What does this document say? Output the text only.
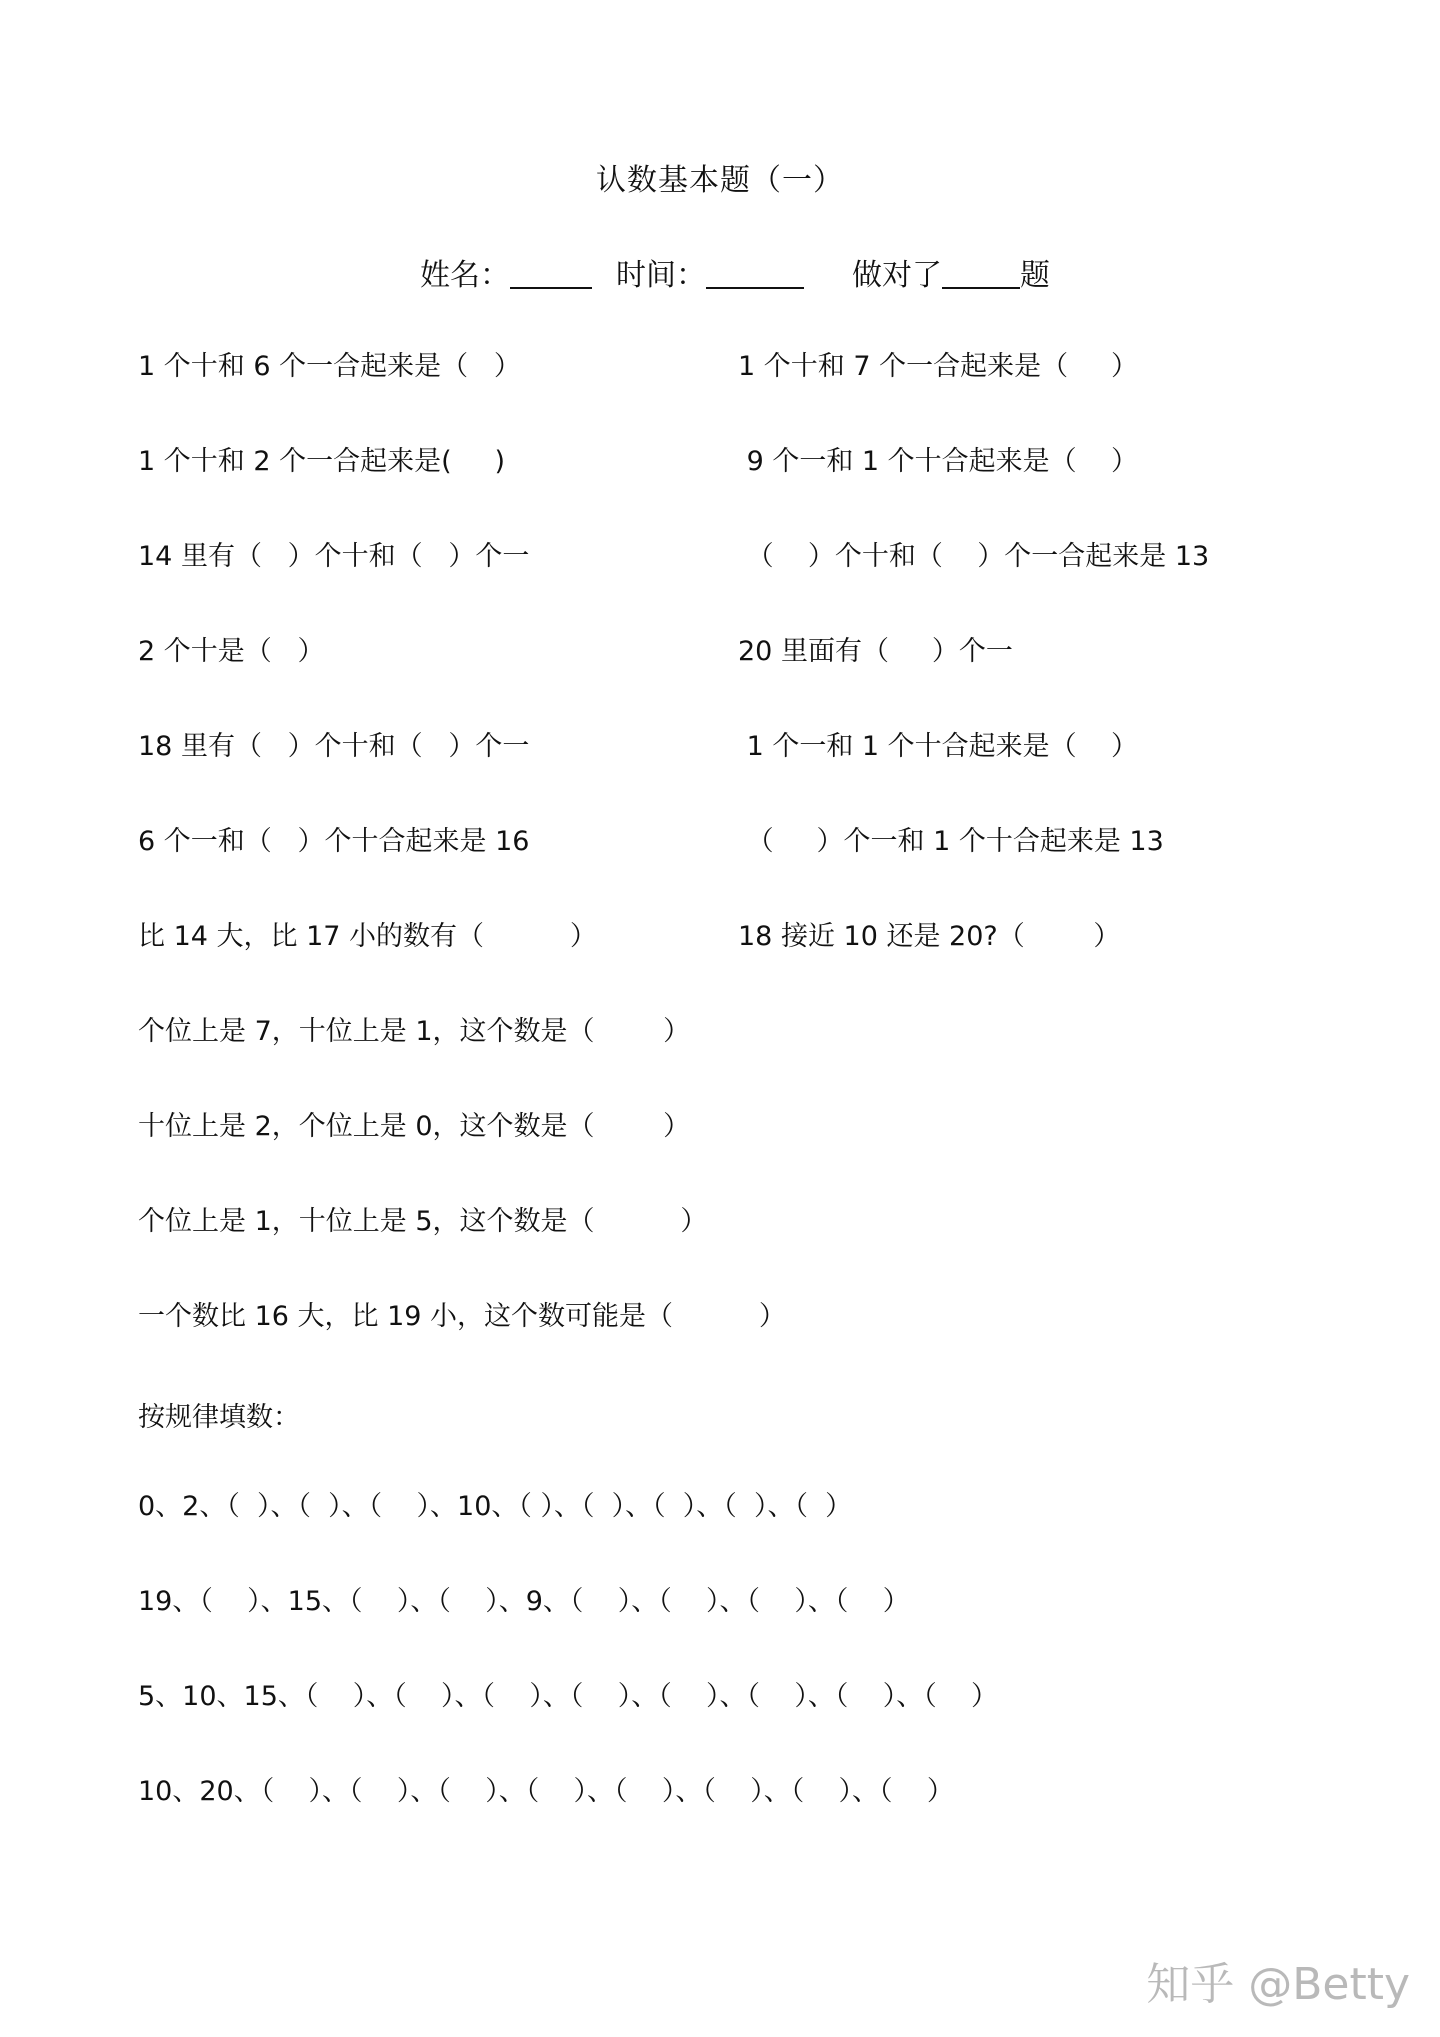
认数基本题（一）
姓名：	时间：	做对了	题
1 个十和 6 个一合起来是（   ）	1 个十和 7 个一合起来是（     ）
1 个十和 2 个一合起来是(     )	9 个一和 1 个十合起来是（    ）
14 里有（   ）个十和（   ）个一	（    ）个十和（    ）个一合起来是 13
2 个十是（   ）	20 里面有（     ）个一
18 里有（   ）个十和（   ）个一	1 个一和 1 个十合起来是（    ）
6 个一和（   ）个十合起来是 16	（     ）个一和 1 个十合起来是 13
比 14 大，比 17 小的数有（          ）	18 接近 10 还是 20?（        ）
个位上是 7，十位上是 1，这个数是（        ）
十位上是 2，个位上是 0，这个数是（        ）
个位上是 1，十位上是 5，这个数是（          ）
一个数比 16 大，比 19 小，这个数可能是（          ）
按规律填数：
0、2、（  ）、（  ）、（    ）、10、（ ）、（  ）、（  ）、（  ）、（  ）
19、（    ）、15、（    ）、（    ）、9、（    ）、（    ）、（    ）、（    ）
5、10、15、（    ）、（    ）、（    ）、（    ）、（    ）、（    ）、（    ）、（    ）
10、20、（    ）、（    ）、（    ）、（    ）、（    ）、（    ）、（    ）、（    ）
知乎 @Betty
